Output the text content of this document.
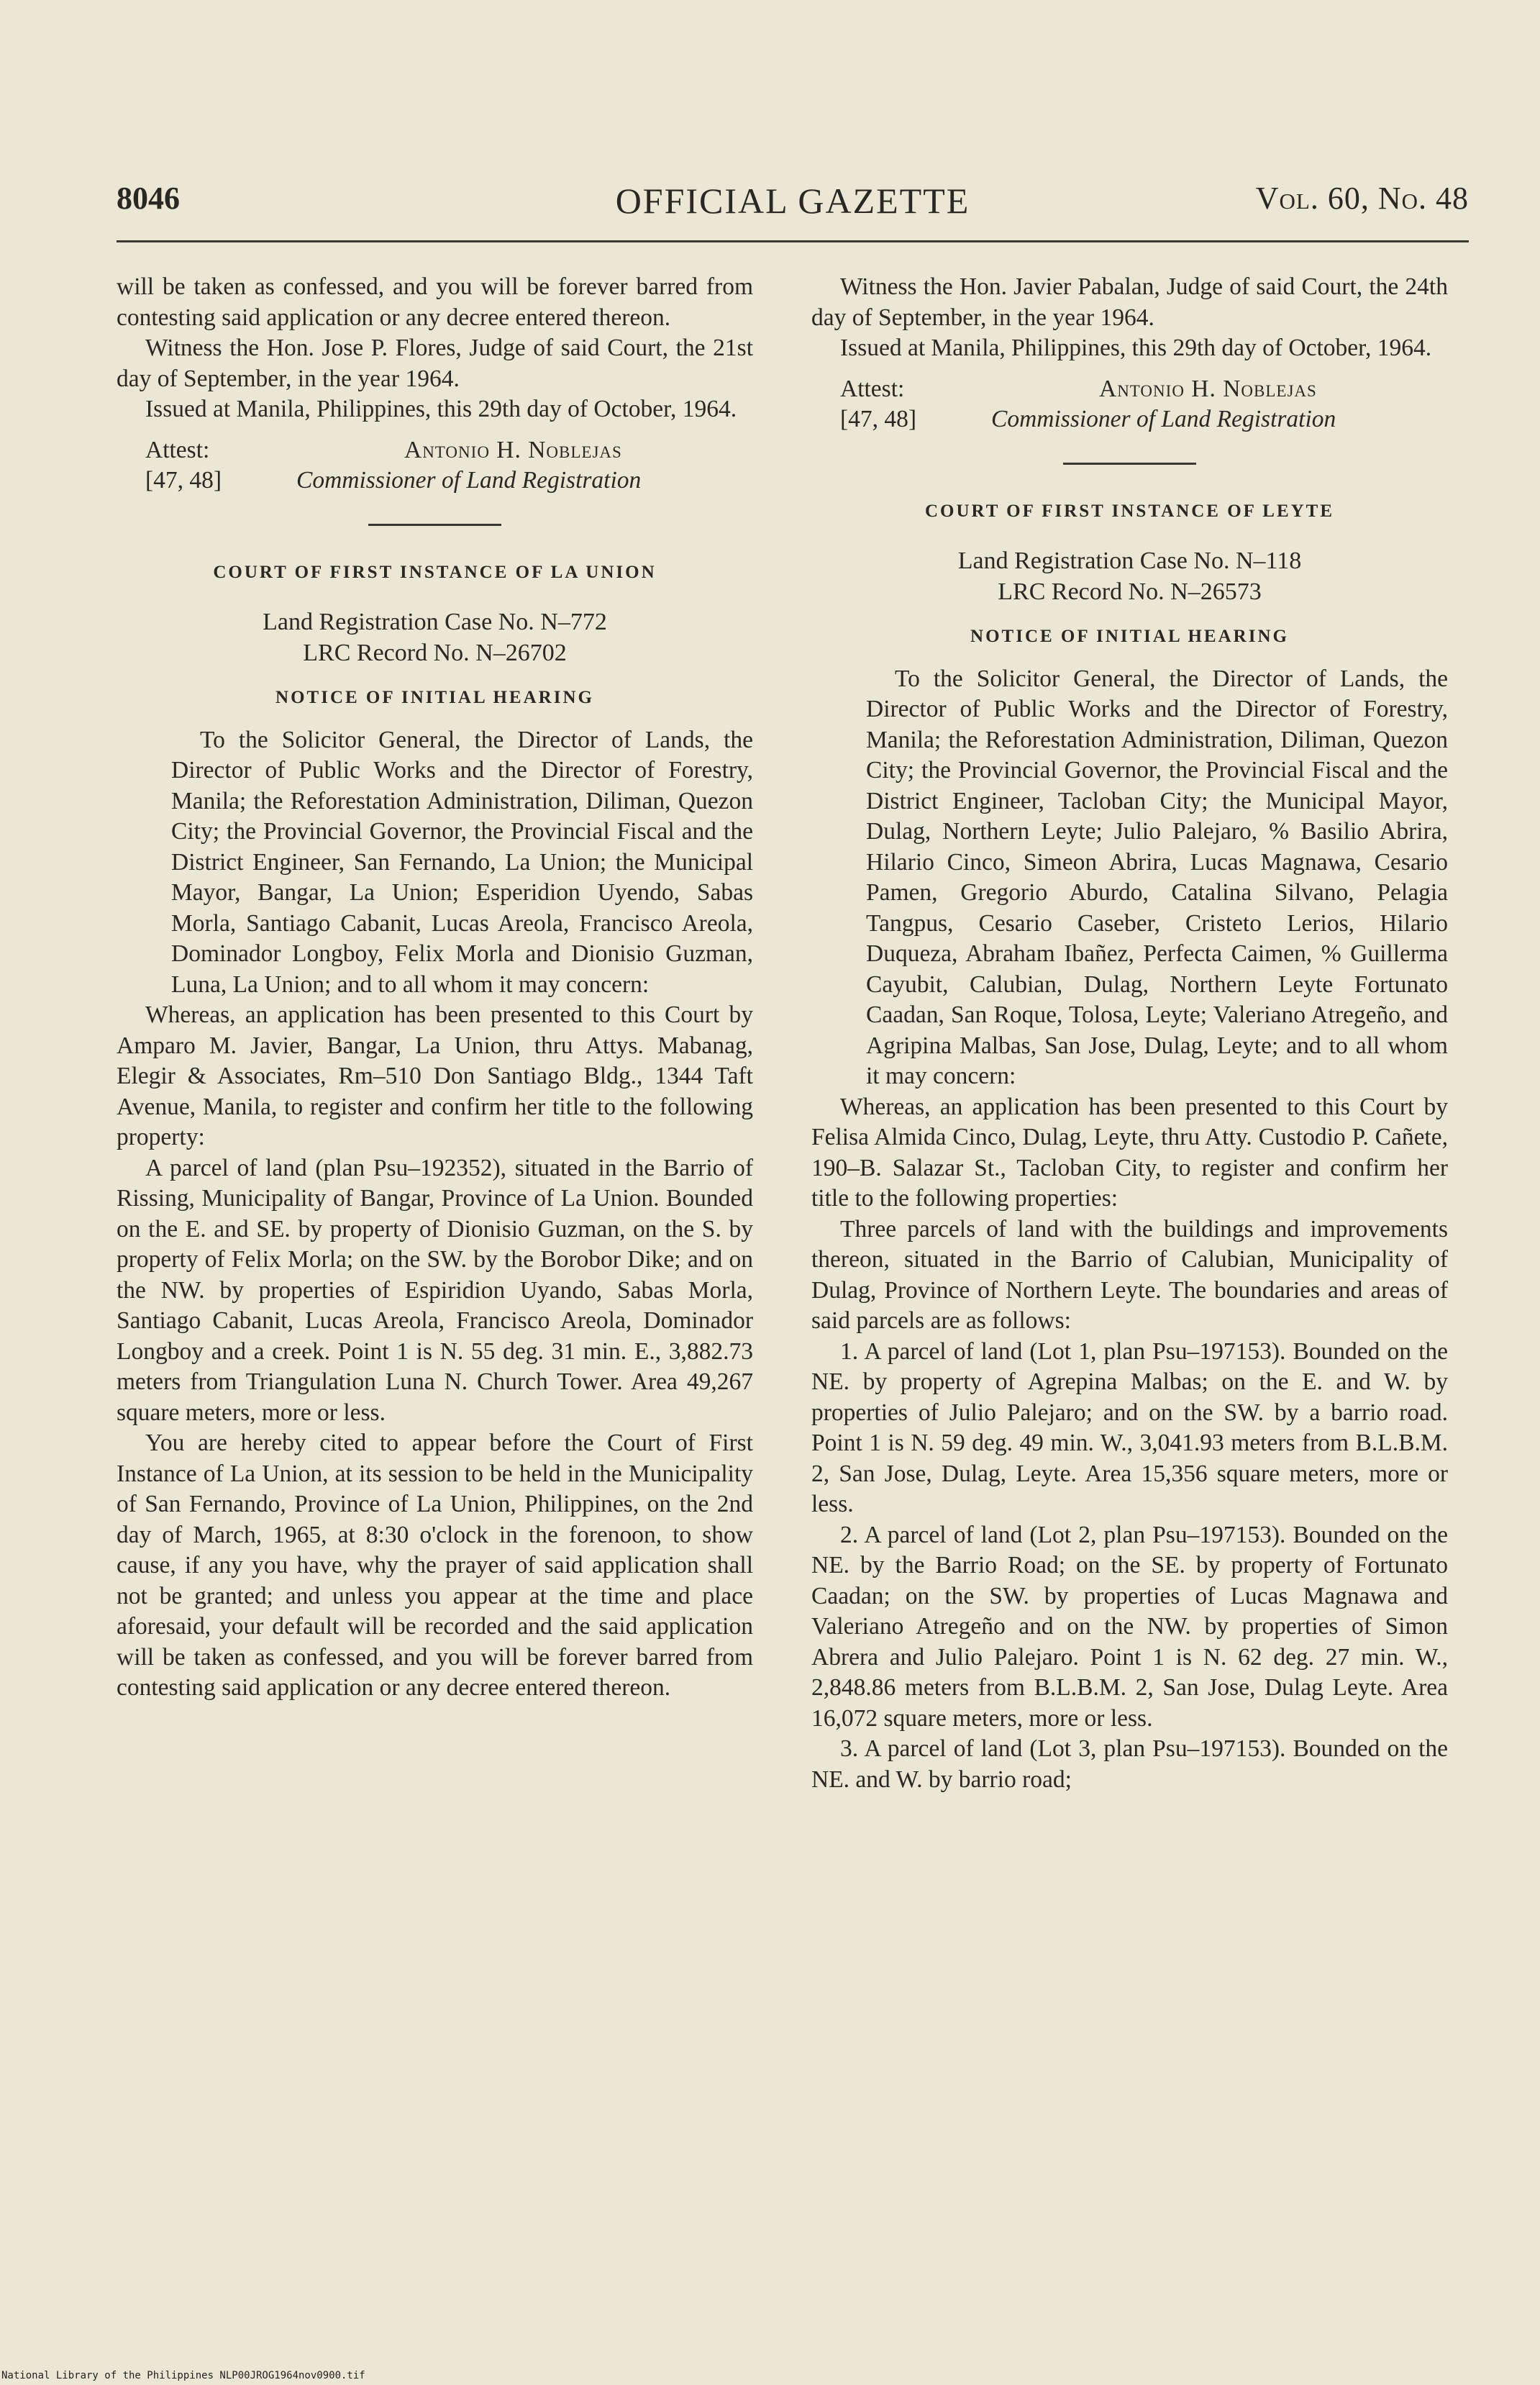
8046	OFFICIAL GAZETTE	Vol. 60, No. 48

will be taken as confessed, and you will be forever barred from contesting said application or any decree entered thereon.

Witness the Hon. Jose P. Flores, Judge of said Court, the 21st day of September, in the year 1964.

Issued at Manila, Philippines, this 29th day of October, 1964.

Attest:	Antonio H. Noblejas
[47, 48]	Commissioner of Land Registration
COURT OF FIRST INSTANCE OF LA UNION
Land Registration Case No. N–772
LRC Record No. N–26702
NOTICE OF INITIAL HEARING

To the Solicitor General, the Director of Lands, the Director of Public Works and the Director of Forestry, Manila; the Reforestation Administration, Diliman, Quezon City; the Provincial Governor, the Provincial Fiscal and the District Engineer, San Fernando, La Union; the Municipal Mayor, Bangar, La Union; Esperidion Uyendo, Sabas Morla, Santiago Cabanit, Lucas Areola, Francisco Areola, Dominador Longboy, Felix Morla and Dionisio Guzman, Luna, La Union; and to all whom it may concern:

Whereas, an application has been presented to this Court by Amparo M. Javier, Bangar, La Union, thru Attys. Mabanag, Elegir & Associates, Rm–510 Don Santiago Bldg., 1344 Taft Avenue, Manila, to register and confirm her title to the following property:

A parcel of land (plan Psu–192352), situated in the Barrio of Rissing, Municipality of Bangar, Province of La Union. Bounded on the E. and SE. by property of Dionisio Guzman, on the S. by property of Felix Morla; on the SW. by the Borobor Dike; and on the NW. by properties of Espiridion Uyando, Sabas Morla, Santiago Cabanit, Lucas Areola, Francisco Areola, Dominador Longboy and a creek. Point 1 is N. 55 deg. 31 min. E., 3,882.73 meters from Triangulation Luna N. Church Tower. Area 49,267 square meters, more or less.

You are hereby cited to appear before the Court of First Instance of La Union, at its session to be held in the Municipality of San Fernando, Province of La Union, Philippines, on the 2nd day of March, 1965, at 8:30 o'clock in the forenoon, to show cause, if any you have, why the prayer of said application shall not be granted; and unless you appear at the time and place aforesaid, your default will be recorded and the said application will be taken as confessed, and you will be forever barred from contesting said application or any decree entered thereon.

Witness the Hon. Javier Pabalan, Judge of said Court, the 24th day of September, in the year 1964.

Issued at Manila, Philippines, this 29th day of October, 1964.

Attest:	Antonio H. Noblejas
[47, 48]	Commissioner of Land Registration
COURT OF FIRST INSTANCE OF LEYTE
Land Registration Case No. N–118
LRC Record No. N–26573
NOTICE OF INITIAL HEARING

To the Solicitor General, the Director of Lands, the Director of Public Works and the Director of Forestry, Manila; the Reforestation Administration, Diliman, Quezon City; the Provincial Governor, the Provincial Fiscal and the District Engineer, Tacloban City; the Municipal Mayor, Dulag, Northern Leyte; Julio Palejaro, % Basilio Abrira, Hilario Cinco, Simeon Abrira, Lucas Magnawa, Cesario Pamen, Gregorio Aburdo, Catalina Silvano, Pelagia Tangpus, Cesario Caseber, Cristeto Lerios, Hilario Duqueza, Abraham Ibañez, Perfecta Caimen, % Guillerma Cayubit, Calubian, Dulag, Northern Leyte Fortunato Caadan, San Roque, Tolosa, Leyte; Valeriano Atregeño, and Agripina Malbas, San Jose, Dulag, Leyte; and to all whom it may concern:

Whereas, an application has been presented to this Court by Felisa Almida Cinco, Dulag, Leyte, thru Atty. Custodio P. Cañete, 190–B. Salazar St., Tacloban City, to register and confirm her title to the following properties:

Three parcels of land with the buildings and improvements thereon, situated in the Barrio of Calubian, Municipality of Dulag, Province of Northern Leyte. The boundaries and areas of said parcels are as follows:

1. A parcel of land (Lot 1, plan Psu–197153). Bounded on the NE. by property of Agrepina Malbas; on the E. and W. by properties of Julio Palejaro; and on the SW. by a barrio road. Point 1 is N. 59 deg. 49 min. W., 3,041.93 meters from B.L.B.M. 2, San Jose, Dulag, Leyte. Area 15,356 square meters, more or less.

2. A parcel of land (Lot 2, plan Psu–197153). Bounded on the NE. by the Barrio Road; on the SE. by property of Fortunato Caadan; on the SW. by properties of Lucas Magnawa and Valeriano Atregeño and on the NW. by properties of Simon Abrera and Julio Palejaro. Point 1 is N. 62 deg. 27 min. W., 2,848.86 meters from B.L.B.M. 2, San Jose, Dulag Leyte. Area 16,072 square meters, more or less.

3. A parcel of land (Lot 3, plan Psu–197153). Bounded on the NE. and W. by barrio road;

National Library of the Philippines NLP00JROG1964nov0900.tif
